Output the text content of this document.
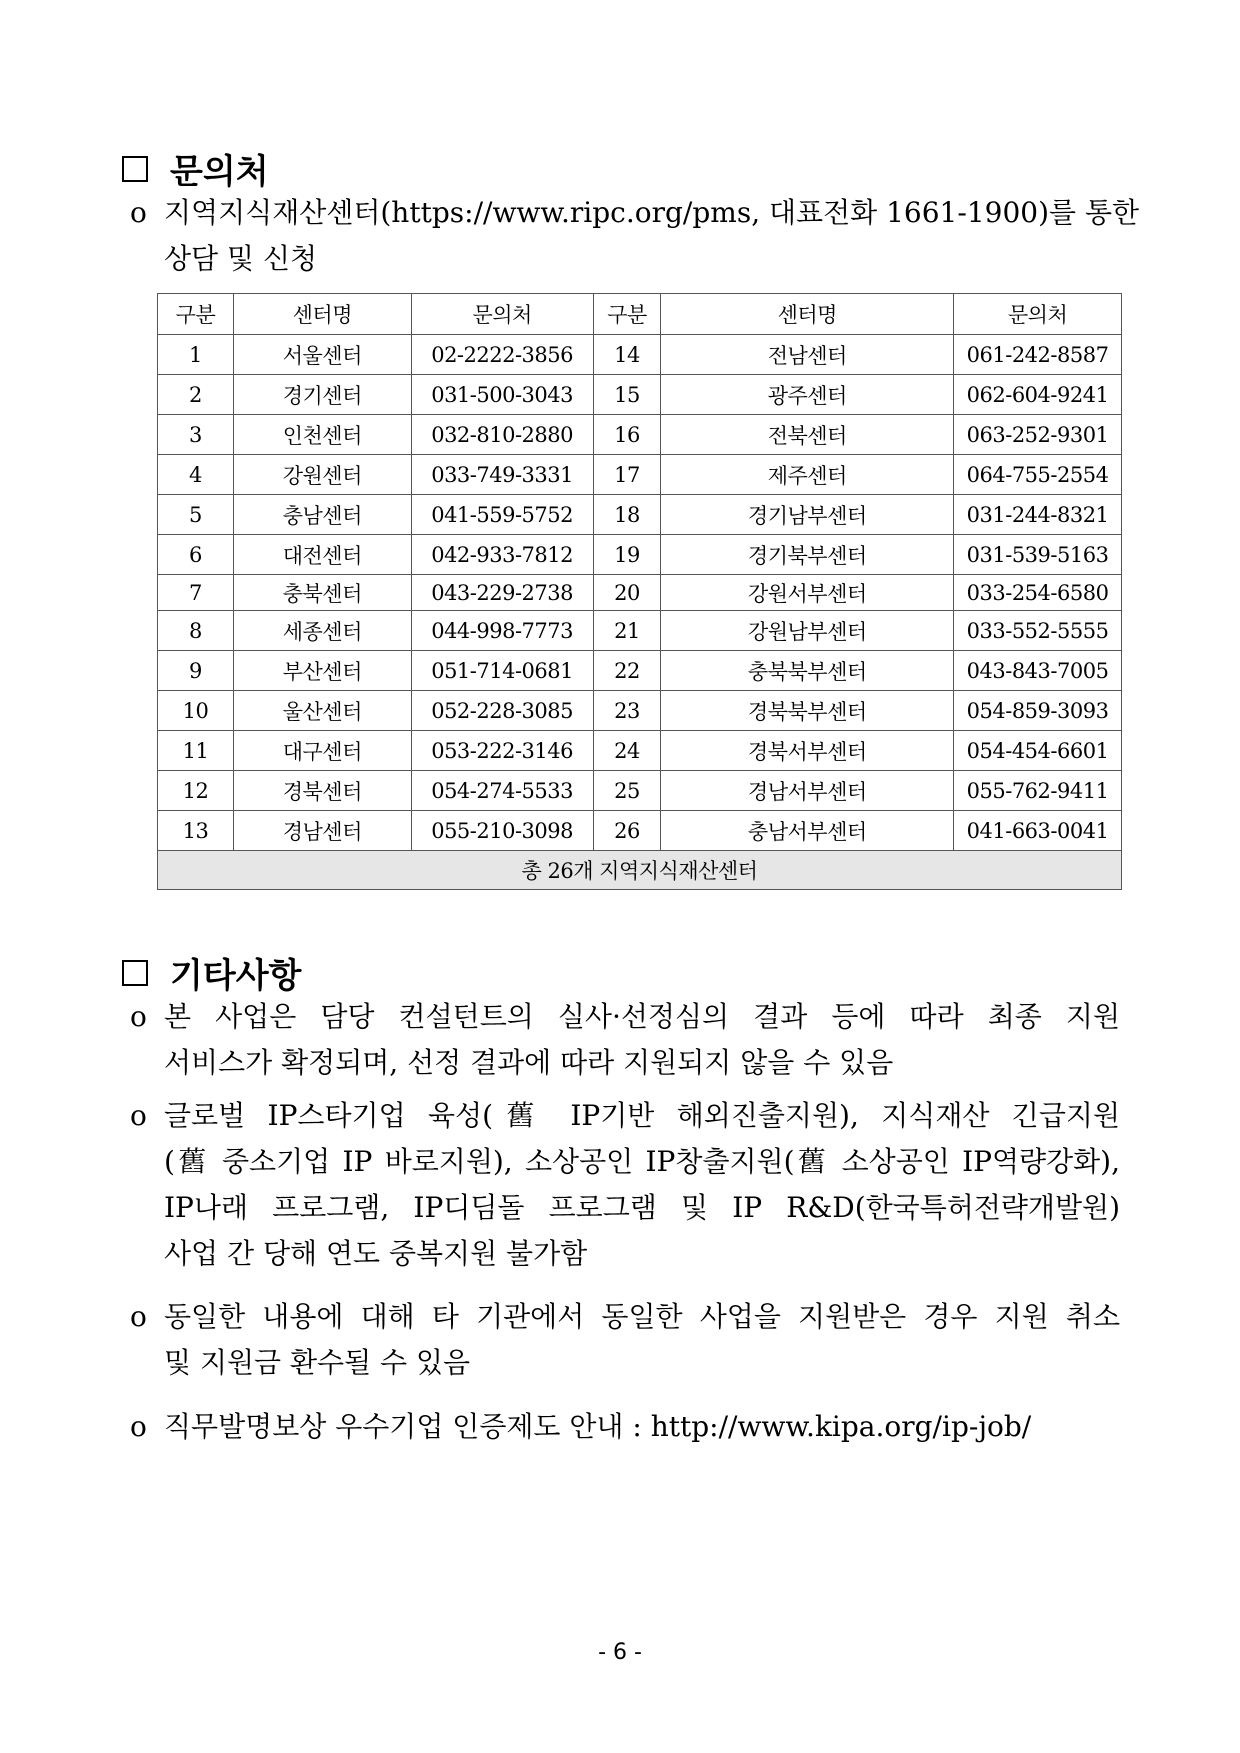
문의처
o 지역지식재산센터(https://www.ripc.org/pms, 대표전화 1661-1900)를 통한
상담 및 신청
구분	센터명	문의처	구분	센터명	문의처
1	서울센터	02-2222-3856	14	전남센터	061-242-8587
2	경기센터	031-500-3043	15	광주센터	062-604-9241
3	인천센터	032-810-2880	16	전북센터	063-252-9301
4	강원센터	033-749-3331	17	제주센터	064-755-2554
5	충남센터	041-559-5752	18	경기남부센터	031-244-8321
6	대전센터	042-933-7812	19	경기북부센터	031-539-5163
7	충북센터	043-229-2738	20	강원서부센터	033-254-6580
8	세종센터	044-998-7773	21	강원남부센터	033-552-5555
9	부산센터	051-714-0681	22	충북북부센터	043-843-7005
10	울산센터	052-228-3085	23	경북북부센터	054-859-3093
11	대구센터	053-222-3146	24	경북서부센터	054-454-6601
12	경북센터	054-274-5533	25	경남서부센터	055-762-9411
13	경남센터	055-210-3098	26	충남서부센터	041-663-0041
총 26개 지역지식재산센터					
기타사항
o 본 사업은 담당 컨설턴트의 실사·선정심의 결과 등에 따라 최종 지원
서비스가 확정되며, 선정 결과에 따라 지원되지 않을 수 있음
o 글로벌 IP스타기업 육성(舊 IP기반 해외진출지원), 지식재산 긴급지원
(舊 중소기업 IP 바로지원), 소상공인 IP창출지원(舊 소상공인 IP역량강화),
IP나래 프로그램, IP디딤돌 프로그램 및 IP R&D(한국특허전략개발원)
사업 간 당해 연도 중복지원 불가함
o 동일한 내용에 대해 타 기관에서 동일한 사업을 지원받은 경우 지원 취소
및 지원금 환수될 수 있음
o 직무발명보상 우수기업 인증제도 안내 : http://www.kipa.org/ip-job/
- 6 -
